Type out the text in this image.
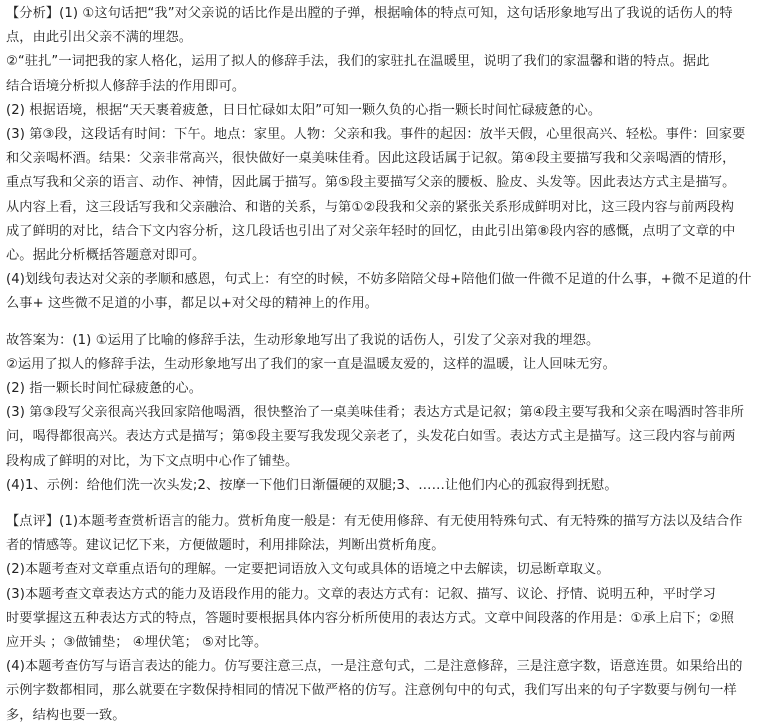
【分析】(1) ①这句话把“我”对父亲说的话比作是出膛的子弹，根据喻体的特点可知，这句话形象地写出了我说的话伤人的特
点，由此引出父亲不满的埋怨。
②“驻扎”一词把我的家人格化，运用了拟人的修辞手法，我们的家驻扎在温暖里，说明了我们的家温馨和谐的特点。据此
结合语境分析拟人修辞手法的作用即可。
(2) 根据语境，根据“天天裹着疲惫，日日忙碌如太阳”可知一颗久负的心指一颗长时间忙碌疲惫的心。
(3) 第③段，这段话有时间：下午。地点：家里。人物：父亲和我。事件的起因：放半天假，心里很高兴、轻松。事件：回家要
和父亲喝杯酒。结果：父亲非常高兴，很快做好一桌美味佳肴。因此这段话属于记叙。第④段主要描写我和父亲喝酒的情形，
重点写我和父亲的语言、动作、神情，因此属于描写。第⑤段主要描写父亲的腰板、脸皮、头发等。因此表达方式主是描写。
从内容上看，这三段话写我和父亲融洽、和谐的关系，与第①②段我和父亲的紧张关系形成鲜明对比，这三段内容与前两段构
成了鲜明的对比，结合下文内容分析，这几段话也引出了对父亲年轻时的回忆，由此引出第⑧段内容的感慨，点明了文章的中
心。据此分析概括答题意对即可。
(4)划线句表达对父亲的孝顺和感恩，句式上：有空的时候，不妨多陪陪父母+陪他们做一件微不足道的什么事，+微不足道的什
么事+ 这些微不足道的小事，都足以+对父母的精神上的作用。
故答案为：(1) ①运用了比喻的修辞手法，生动形象地写出了我说的话伤人，引发了父亲对我的埋怨。
②运用了拟人的修辞手法，生动形象地写出了我们的家一直是温暖友爱的，这样的温暖，让人回味无穷。
(2) 指一颗长时间忙碌疲惫的心。
(3) 第③段写父亲很高兴我回家陪他喝酒，很快整治了一桌美味佳肴；表达方式是记叙；第④段主要写我和父亲在喝酒时答非所
问，喝得都很高兴。表达方式是描写；第⑤段主要写我发现父亲老了，头发花白如雪。表达方式主是描写。这三段内容与前两
段构成了鲜明的对比，为下文点明中心作了铺垫。
(4)1、示例：给他们洗一次头发;2、按摩一下他们日渐僵硬的双腿;3、……让他们内心的孤寂得到抚慰。
【点评】(1)本题考查赏析语言的能力。赏析角度一般是：有无使用修辞、有无使用特殊句式、有无特殊的描写方法以及结合作
者的情感等。建议记忆下来，方便做题时，利用排除法，判断出赏析角度。
(2)本题考查对文章重点语句的理解。一定要把词语放入文句或具体的语境之中去解读，切忌断章取义。
(3)本题考查文章表达方式的能力及语段作用的能力。文章的表达方式有：记叙、描写、议论、抒情、说明五种，平时学习
时要掌握这五种表达方式的特点，答题时要根据具体内容分析所使用的表达方式。文章中间段落的作用是：①承上启下；②照
应开头 ；③做铺垫； ④埋伏笔； ⑤对比等。
(4)本题考查仿写与语言表达的能力。仿写要注意三点，一是注意句式，二是注意修辞，三是注意字数，语意连贯。如果给出的
示例字数都相同，那么就要在字数保持相同的情况下做严格的仿写。注意例句中的句式，我们写出来的句子字数要与例句一样
多，结构也要一致。
